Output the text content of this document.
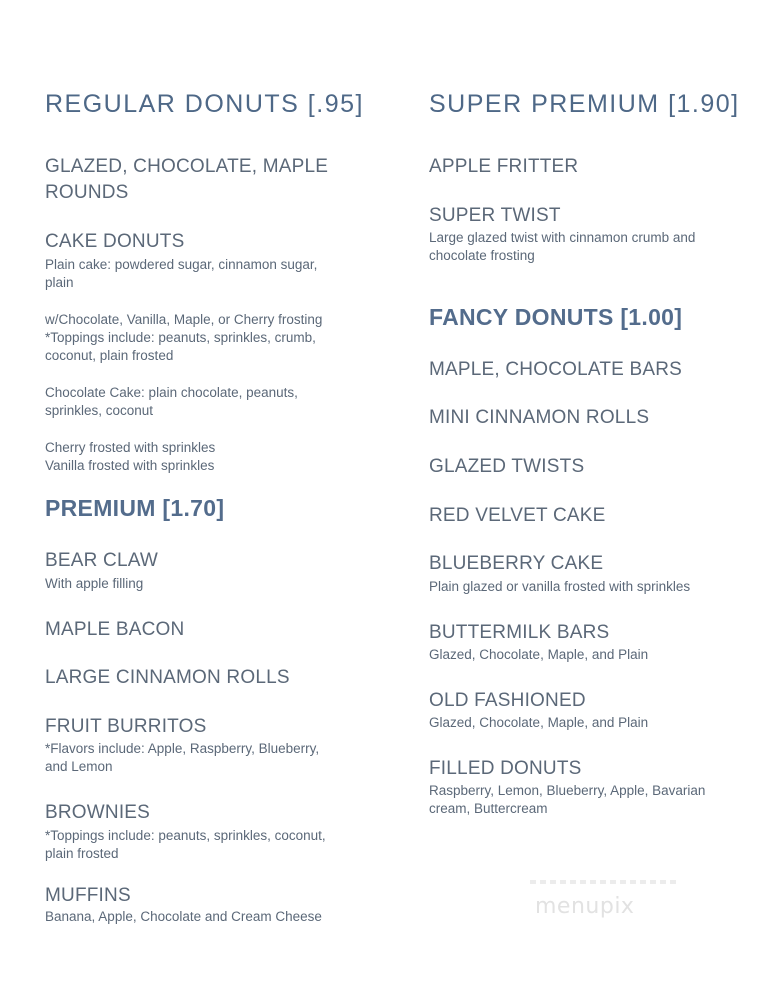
REGULAR DONUTS [.95]
GLAZED, CHOCOLATE, MAPLE
ROUNDS
CAKE DONUTS
Plain cake: powdered sugar, cinnamon sugar,
plain
w/Chocolate, Vanilla, Maple, or Cherry frosting
*Toppings include: peanuts, sprinkles, crumb,
coconut, plain frosted
Chocolate Cake: plain chocolate, peanuts,
sprinkles, coconut
Cherry frosted with sprinkles
Vanilla frosted with sprinkles
PREMIUM [1.70]
BEAR CLAW
With apple filling
MAPLE BACON
LARGE CINNAMON ROLLS
FRUIT BURRITOS
*Flavors include: Apple, Raspberry, Blueberry,
and Lemon
BROWNIES
*Toppings include: peanuts, sprinkles, coconut,
plain frosted
MUFFINS
Banana, Apple, Chocolate and Cream Cheese
SUPER PREMIUM [1.90]
APPLE FRITTER
SUPER TWIST
Large glazed twist with cinnamon crumb and
chocolate frosting
FANCY DONUTS [1.00]
MAPLE, CHOCOLATE BARS
MINI CINNAMON ROLLS
GLAZED TWISTS
RED VELVET CAKE
BLUEBERRY CAKE
Plain glazed or vanilla frosted with sprinkles
BUTTERMILK BARS
Glazed, Chocolate, Maple, and Plain
OLD FASHIONED
Glazed, Chocolate, Maple, and Plain
FILLED DONUTS
Raspberry, Lemon, Blueberry, Apple, Bavarian
cream, Buttercream
menupix
